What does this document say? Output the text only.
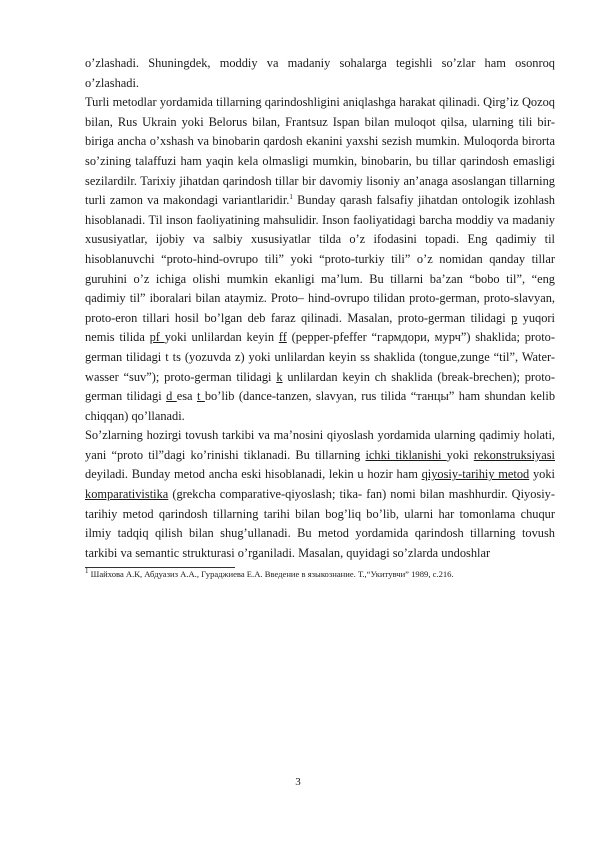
o’zlashadi. Shuningdek, moddiy va madaniy sohalarga tegishli so’zlar ham osonroq o’zlashadi.

Turli metodlar yordamida tillarning qarindoshligini aniqlashga harakat qilinadi. Qirg’iz Qozoq bilan, Rus Ukrain yoki Belorus bilan, Frantsuz Ispan bilan muloqot qilsa, ularning tili bir-biriga ancha o’xshash va binobarin qardosh ekanini yaxshi sezish mumkin. Muloqorda birorta so’zining talaffuzi ham yaqin kela olmasligi mumkin, binobarin, bu tillar qarindosh emasligi sezilardilr. Tarixiy jihatdan qarindosh tillar bir davomiy lisoniy an’anaga asoslangan tillarning turli zamon va makondagi variantlaridir.$^1$ Bunday qarash falsafiy jihatdan ontologik izohlash hisoblanadi. Til inson faoliyatining mahsulidir. Inson faoliyatidagi barcha moddiy va madaniy xususiyatlar, ijobiy va salbiy xususiyatlar tilda o’z ifodasini topadi. Eng qadimiy til hisoblanuvchi “proto-hind-ovrupo tili” yoki “proto-turkiy tili” o’z nomidan qanday tillar guruhini o’z ichiga olishi mumkin ekanligi ma’lum. Bu tillarni ba’zan “bobo til”, “eng qadimiy til” iboralari bilan ataymiz. Proto– hind-ovrupo tilidan proto-german, proto-slavyan, proto-eron tillari hosil bo’lgan deb faraz qilinadi. Masalan, proto-german tilidagi p yuqori nemis tilida pf yoki unlilardan keyin ff (pepper-pfeffer “гармдори, мурч”) shaklida; proto-german tilidagi t ts (yozuvda z) yoki unlilardan keyin ss shaklida (tongue,zunge “til”, Water-wasser “suv”); proto-german tilidagi k unlilardan keyin ch shaklida (break-brechen); proto-german tilidagi d esa t bo’lib (dance-tanzen, slavyan, rus tilida “танцы” ham shundan kelib chiqqan) qo’llanadi.

So’zlarning hozirgi tovush tarkibi va ma’nosini qiyoslash yordamida ularning qadimiy holati, yani “proto til”dagi ko’rinishi tiklanadi. Bu tillarning ichki tiklanishi yoki rekonstruksiyasi deyiladi. Bunday metod ancha eski hisoblanadi, lekin u hozir ham qiyosiy-tarihiy metod yoki komparativistika (grekcha comparative-qiyoslash; tika- fan) nomi bilan mashhurdir. Qiyosiy-tarihiy metod qarindosh tillarning tarihi bilan bog’liq bo’lib, ularni har tomonlama chuqur ilmiy tadqiq qilish bilan shug’ullanadi. Bu metod yordamida qarindosh tillarning tovush tarkibi va semantic strukturasi o’rganiladi. Masalan, quyidagi so’zlarda undoshlar

$^1$ Шайхова А.К, Абдуазиз А.А., Гураджиева Е.А. Введение в языкознание. Т.,“Укитувчи” 1989, с.216.

3
